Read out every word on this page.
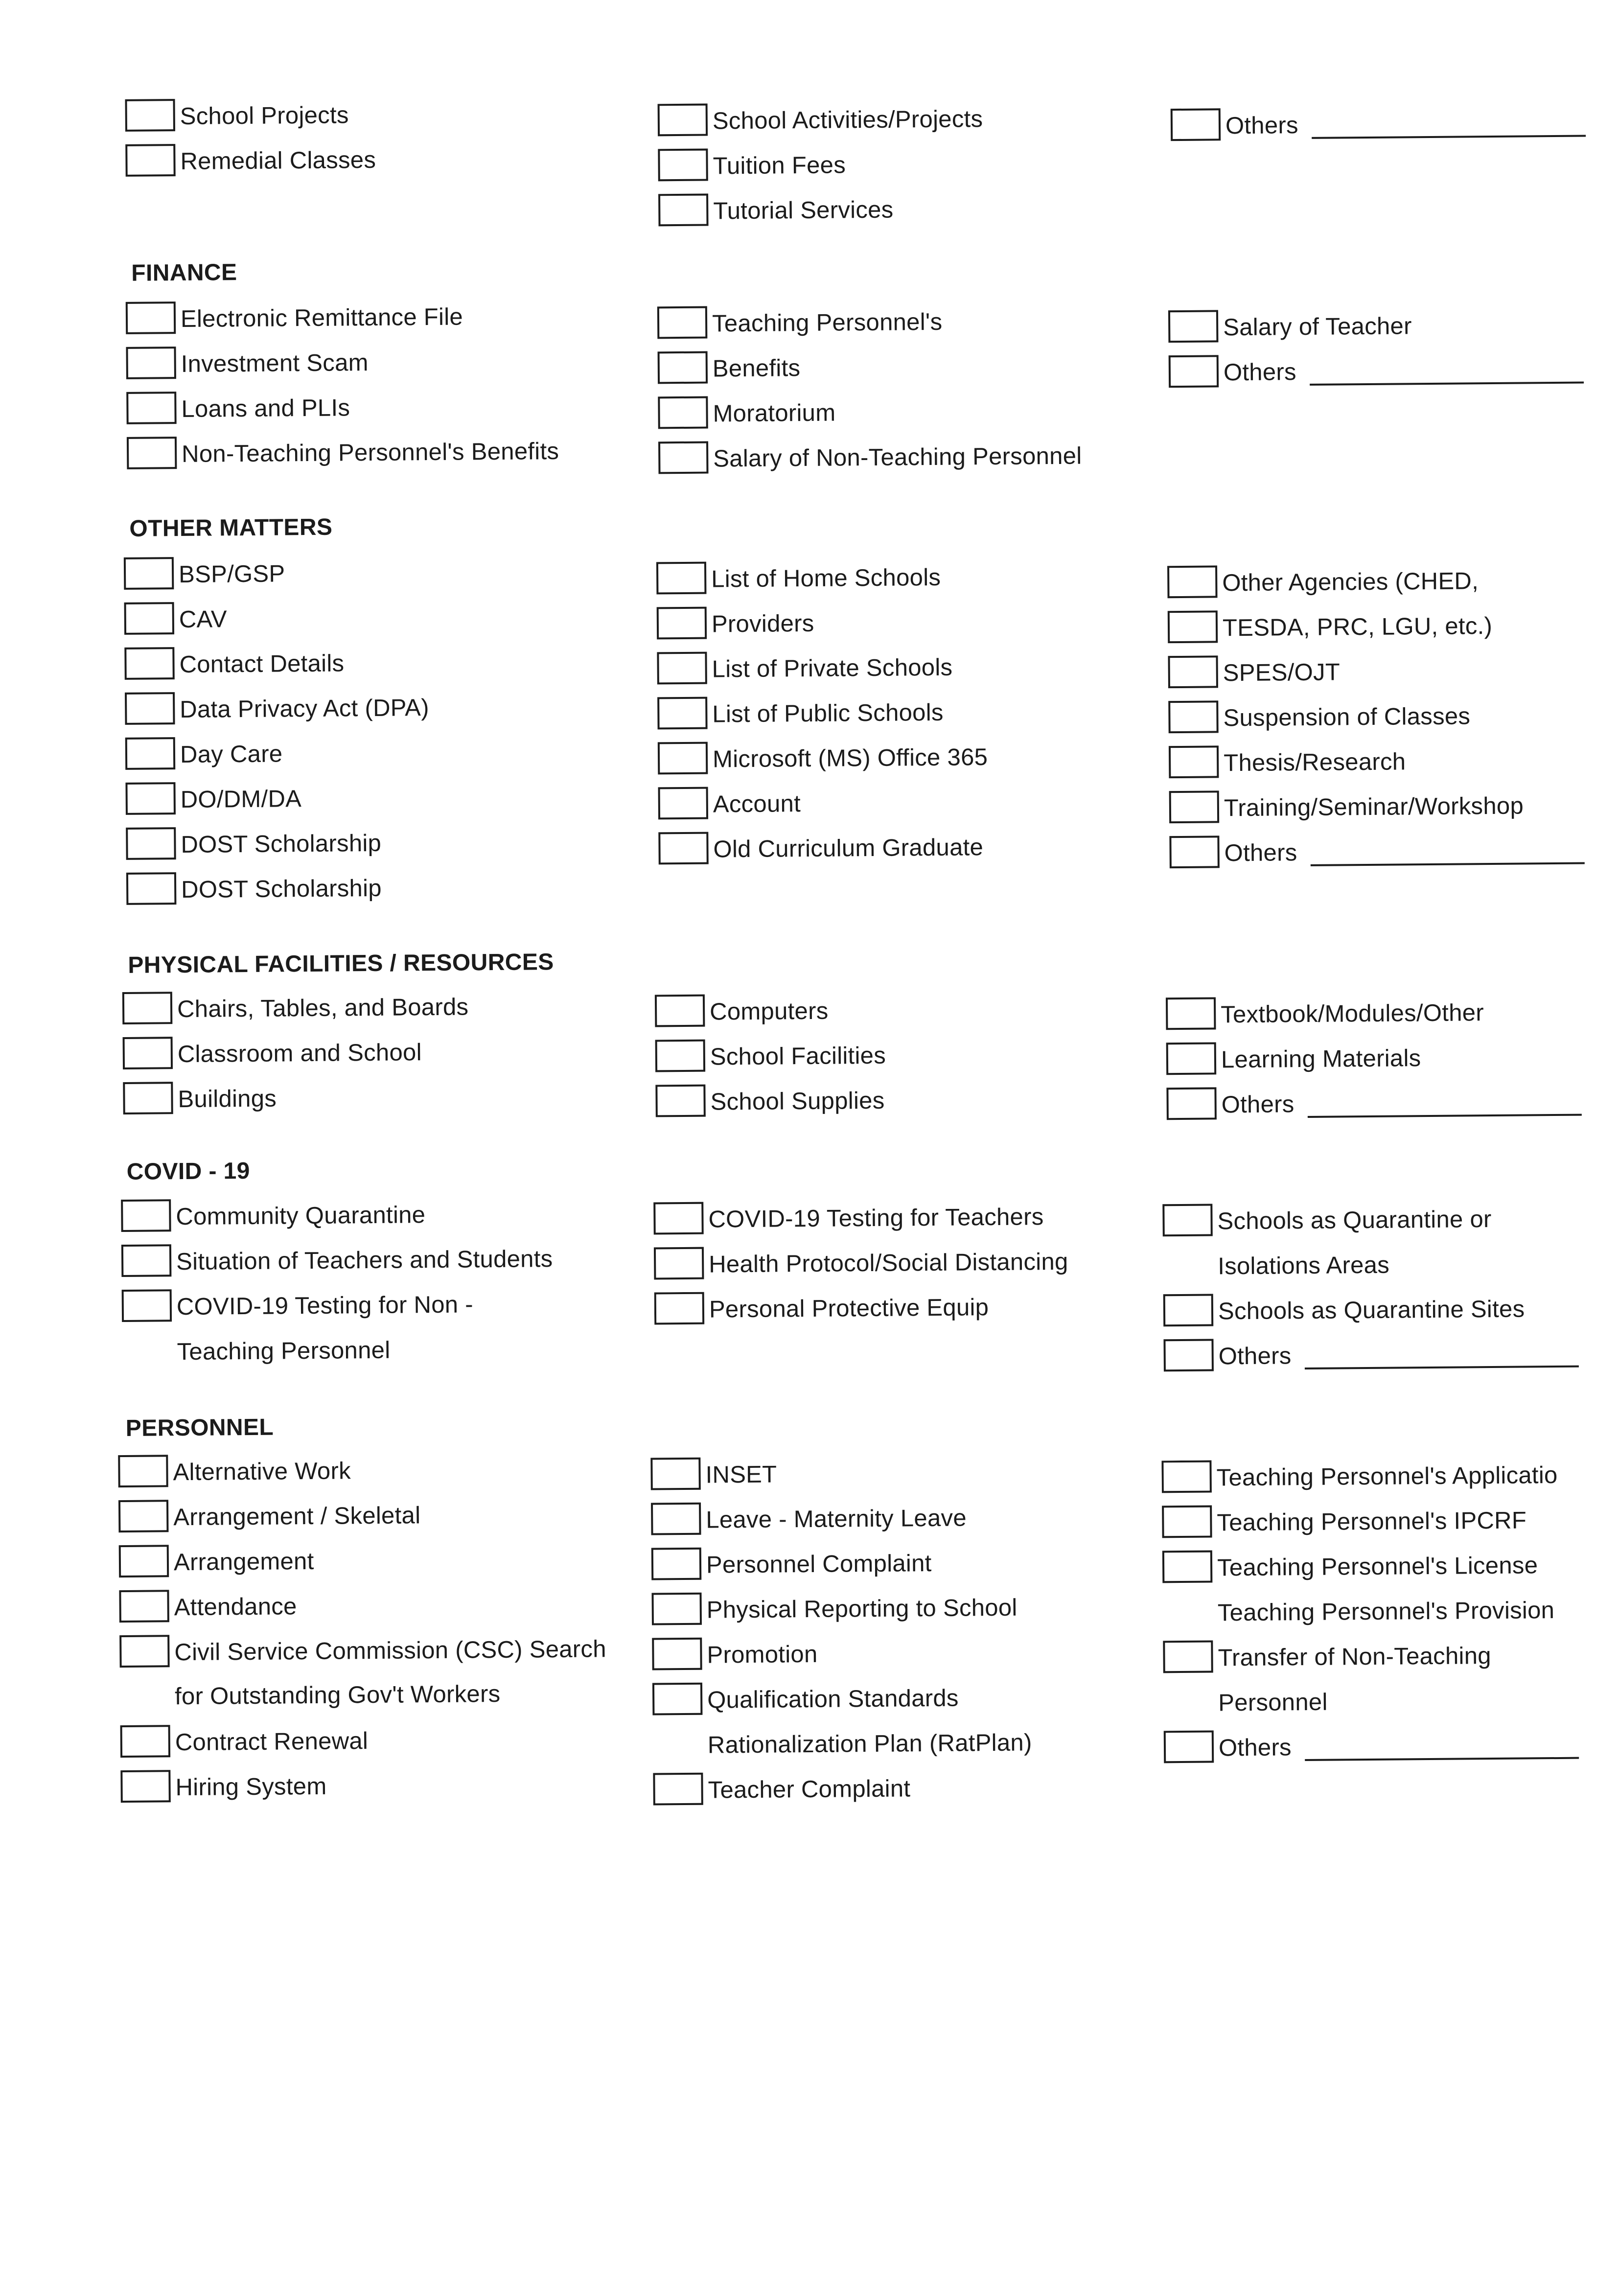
School Projects
Remedial Classes
School Activities/Projects
Tuition Fees
Tutorial Services
Others
FINANCE
Electronic Remittance File
Investment Scam
Loans and PLIs
Non-Teaching Personnel's Benefits
Teaching Personnel's
Benefits
Moratorium
Salary of Non-Teaching Personnel
Salary of Teacher
Others
OTHER MATTERS
BSP/GSP
CAV
Contact Details
Data Privacy Act (DPA)
Day Care
DO/DM/DA
DOST Scholarship
DOST Scholarship
List of Home Schools
Providers
List of Private Schools
List of Public Schools
Microsoft (MS) Office 365
Account
Old Curriculum Graduate
Other Agencies (CHED,
TESDA, PRC, LGU, etc.)
SPES/OJT
Suspension of Classes
Thesis/Research
Training/Seminar/Workshop
Others
PHYSICAL FACILITIES / RESOURCES
Chairs, Tables, and Boards
Classroom and School
Buildings
Computers
School Facilities
School Supplies
Textbook/Modules/Other
Learning Materials
Others
COVID - 19
Community Quarantine
Situation of Teachers and Students
COVID-19 Testing for Non -
Teaching Personnel
COVID-19 Testing for Teachers
Health Protocol/Social Distancing
Personal Protective Equip
Schools as Quarantine or
Isolations Areas
Schools as Quarantine Sites
Others
PERSONNEL
Alternative Work
Arrangement / Skeletal
Arrangement
Attendance
Civil Service Commission (CSC) Search
for Outstanding Gov't Workers
Contract Renewal
Hiring System
INSET
Leave - Maternity Leave
Personnel Complaint
Physical Reporting to School
Promotion
Qualification Standards
Rationalization Plan (RatPlan)
Teacher Complaint
Teaching Personnel's Applicatio
Teaching Personnel's IPCRF
Teaching Personnel's License
Teaching Personnel's Provision
Transfer of Non-Teaching
Personnel
Others
